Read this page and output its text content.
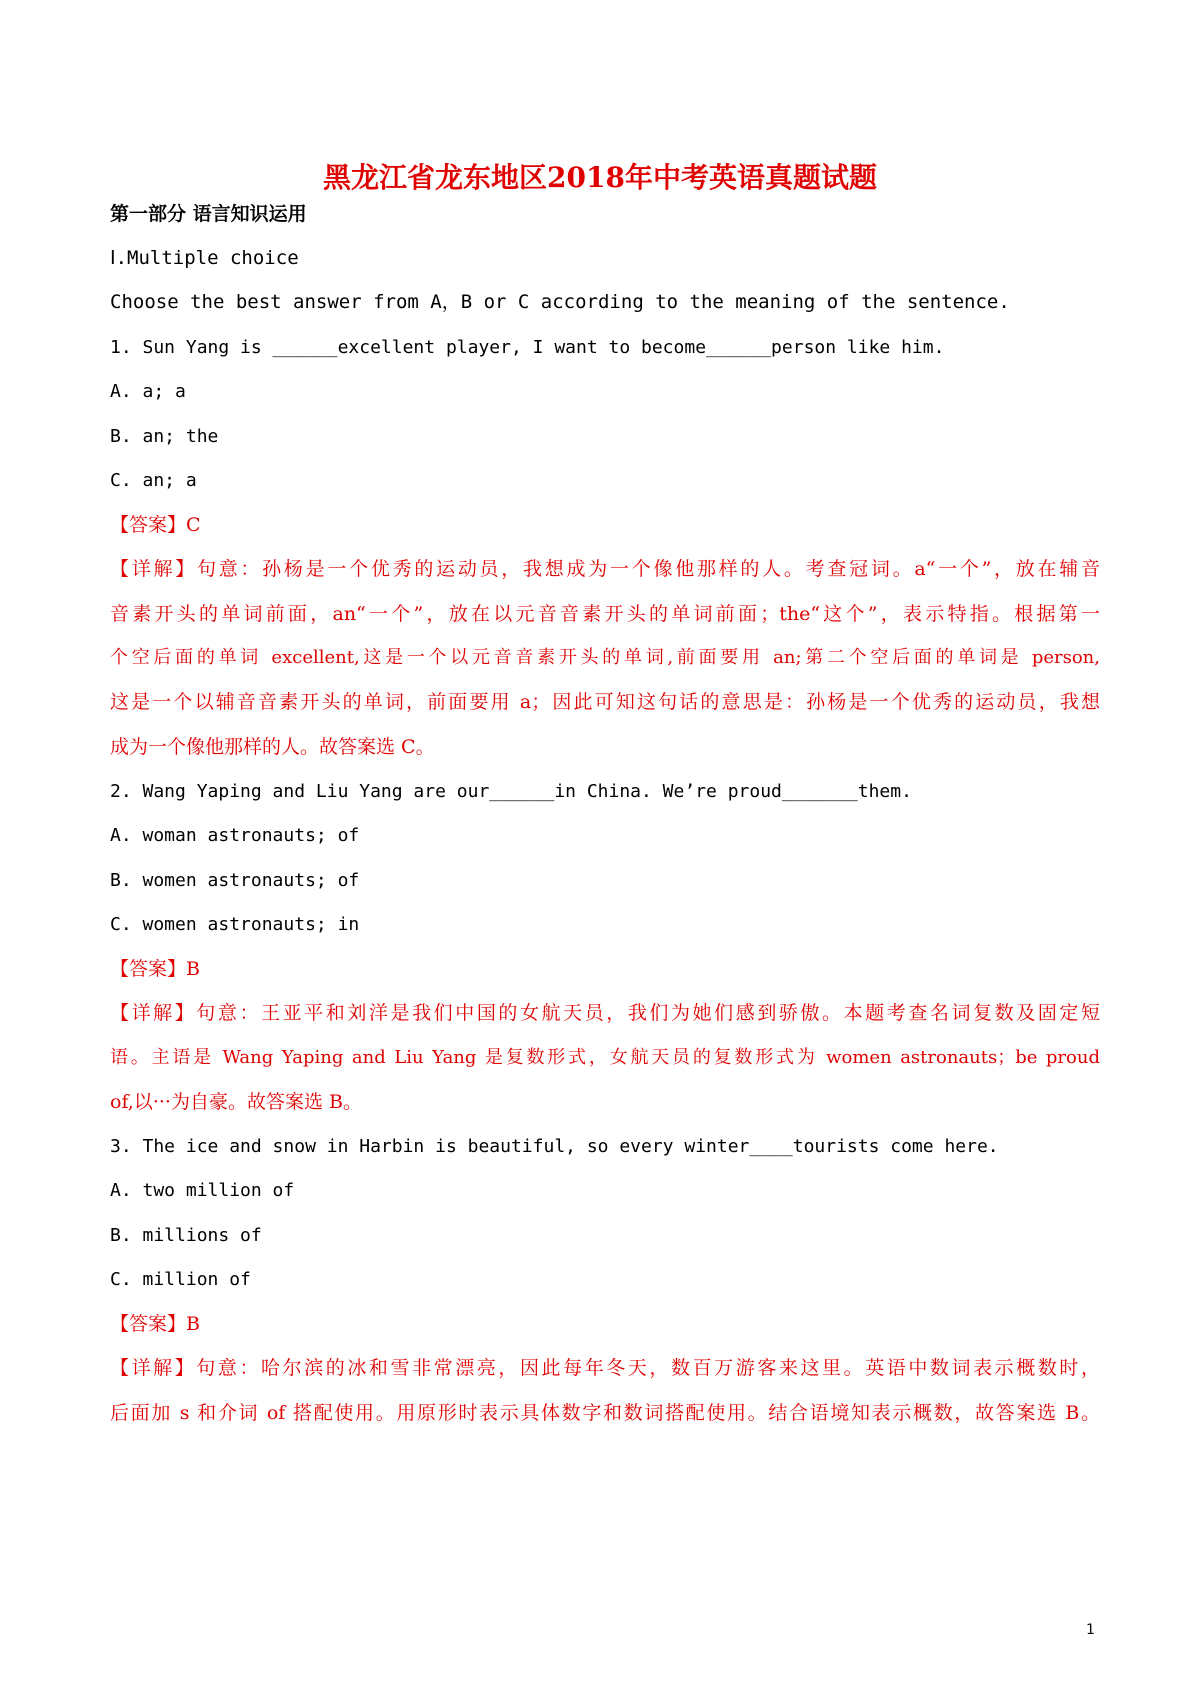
黑龙江省龙东地区2018年中考英语真题试题
第一部分 语言知识运用
Ⅰ.Multiple choice
Choose the best answer from A，B or C according to the meaning of the sentence.
1. Sun Yang is ______excellent player, I want to become______person like him.
A. a; a
B. an; the
C. an; a
【答案】C
【详解】句意：孙杨是一个优秀的运动员，我想成为一个像他那样的人。考查冠词。a“一个”，放在辅音
音素开头的单词前面，an“一个”，放在以元音音素开头的单词前面；the“这个”，表示特指。根据第一
个空后面的单词 excellent,这是一个以元音音素开头的单词,前面要用 an;第二个空后面的单词是 person,
这是一个以辅音音素开头的单词，前面要用 a；因此可知这句话的意思是：孙杨是一个优秀的运动员，我想
成为一个像他那样的人。故答案选 C。
2. Wang Yaping and Liu Yang are our______in China. We’re proud_______them.
A. woman astronauts; of
B. women astronauts; of
C. women astronauts; in
【答案】B
【详解】句意：王亚平和刘洋是我们中国的女航天员，我们为她们感到骄傲。本题考查名词复数及固定短
语。主语是 Wang Yaping and Liu Yang 是复数形式，女航天员的复数形式为 women astronauts；be proud
of,以···为自豪。故答案选 B。
3. The ice and snow in Harbin is beautiful, so every winter____tourists come here.
A. two million of
B. millions of
C. million of
【答案】B
【详解】句意：哈尔滨的冰和雪非常漂亮，因此每年冬天，数百万游客来这里。英语中数词表示概数时，
后面加 s 和介词 of 搭配使用。用原形时表示具体数字和数词搭配使用。结合语境知表示概数，故答案选 B。
1
